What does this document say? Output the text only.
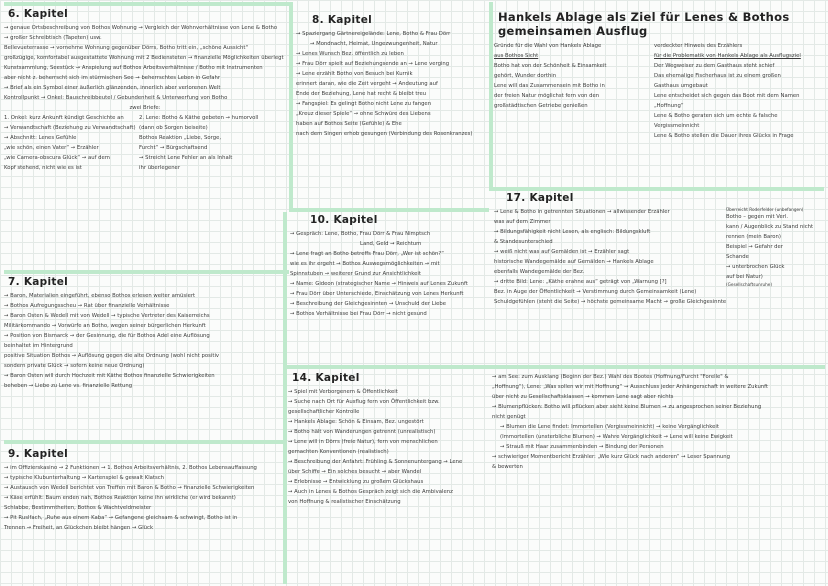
6. Kapitel
→ genaue Ortsbeschreibung von Bothos Wohnung → Vergleich der Wohnverhältnisse von Lene & Botho
→ großer Schreibtisch (Tapeten) usw.
Bellevueterrasse → vornehme Wohnung gegenüber Dörrs, Botho tritt ein, „schöne Aussicht"
großzügige, komfortabel ausgestattete Wohnung mit 2 Bediensteten → finanzielle Möglichkeiten überlegt
Kunstsammlung, Seestück → Anspielung auf Bothos Arbeitsverhältnisse / Botho mit Instrumenten
aber nicht z. beherrscht sich im stürmischen See → beherrschtes Leben in Gefahr
→ Brief als ein Symbol einer äußerlich glänzenden, innerlich aber verlorenen Welt
Kontrollpunkt → Onkel: Bauschreibbeutel / Gebundenheit & Unterwerfung von Botho
zwei Briefe:
1. Onkel: kurz Ankunft kündigt Geschichte an
→ Verwandtschaft (Beziehung zu Verwandtschaft)
→ Abschnitt: Lenes Gefühle
„wie schön, einen Vater“ → Erzähler
„wie Camera-obscura Glück“ → auf dem
Kopf stehend, nicht wie es ist
2. Lene: Botho & Käthe gebeten → humorvoll
(dann ob Sorgen beiseite)
Bothos Reaktion „Liebe, Sorge,
Furcht“ → Bürgschaftsend
→ Streicht Lene Fehler an als Inhalt
ihr überlegener
7. Kapitel
→ Baron, Materialien eingeführt, ebenso Bothos erlesen weiter amüsiert
→ Bothos Aufregungsscheu → Rat über finanzielle Verhältnisse
→ Baron Osten & Wedell mit von Wedell → typische Vertreter des Kaiserreichs
Militärkommando → Vorwürfe an Botho, wegen seiner bürgerlichen Herkunft
→ Position von Bismarck → der Gesinnung, die für Bothos Adel eine Auflösung
beinhaltet im Hintergrund
positive Situation Bothos → Auflösung gegen die alte Ordnung (wohl nicht positiv
sondern private Glück → sofern keine neue Ordnung)
→ Baron Osten will durch Hochzeit mit Käthe Bothos finanzielle Schwierigkeiten
beheben → Liebe zu Lene vs. finanzielle Rettung
9. Kapitel
→ im Offizierskasino → 2 Funktionen → 1. Bothos Arbeitsverhältnis, 2. Bothos Lebensauffassung
→ typische Klubunterhaltung → Kartenspiel & gewalt Klatsch
→ Austausch von Wedell berichtet von Treffen mit Baron & Botho → finanzielle Schwierigkeiten
→ Käse erfühlt: Baum enden nah, Bothos Reaktion keine ihn wirkliche (er wird bekannt)
Schlabbe, Bestimmtheiten, Bothos & Wachtveldmeister
→ Pit Ruslfach, „Ruhe aus einem Kaba“ → Gefangene gleichsam & schwingt, Botho ist in
Trennen → Freiheit, an Glückchen bleibt hängen → Glück
8. Kapitel
→ Spaziergang Gärtnereigelände: Lene, Botho & Frau Dörr
→ Mondnacht, Heimat, Ungezwungenheit, Natur
→ Lenes Wunsch Bez. öffentlich zu leben
→ Frau Dörr spielt auf Beziehungsende an → Lene verging
→ Lene erzählt Botho von Besuch bei Kurnik
erinnert daran, wie die Zeit vergeht → Andeutung auf
Ende der Beziehung, Lene hat recht & bleibt treu
→ Fangspiel: Es gelingt Botho nicht Lene zu fangen
„Kreuz dieser Spiele“ → ohne Schwüre des Liebens
haben auf Bothos Seite (Gefühle) & Ehe
nach dem Singen erhob gesungen (Verbindung des Rosenkranzes)
10. Kapitel
→ Gespräch: Lene, Botho, Frau Dörr & Frau Nimptsch
Land, Geld → Reichtum
→ Lene fragt an Botho betreffs Frau Dörr, „Wer ist schön?“
wie es ihr ergeht → Bothos Auswegsmöglichkeiten → mit
Spinnstuben → weiterer Grund zur Ansichtlichkeit
→ Name: Gideon (strategischer Name → Hinweis auf Lenes Zukunft
→ Frau Dörr über Unterschiede, Einschätzung von Lenes Herkunft
→ Beschreibung der Gleichgesinnten → Unschuld der Liebe
→ Bothos Verhältnisse bei Frau Dörr → nicht gesund
Hankels Ablage als Ziel für Lenes & Bothos gemeinsamen Ausflug
Gründe für die Wahl von Hankels Ablage
aus Bothos Sicht
Botho hat von der Schönheit & Einsamkeit
gehört, Wunder dorthin
Lene will das Zusammensein mit Botho in
der freien Natur möglichst fern von den
großstädtischen Getriebe genießen
verdeckter Hinweis des Erzählers
für die Problematik von Hankels Ablage als Ausflugsziel
Der Wegweiser zu dem Gasthaus steht schief
Das ehemalige Fischerhaus ist zu einem großen
Gasthaus umgebaut
Lene entscheidet sich gegen das Boot mit dem Namen
„Hoffnung“
Lene & Botho geraten sich um echte & falsche
Vergissmeinnicht
Lene & Botho stellen die Dauer ihres Glücks in Frage
17. Kapitel
→ Lene & Botho in getrennten Situationen → allwissender Erzähler
was auf dem Zimmer
→ Bildungsfähigkeit nicht Lesen, als englisch: Bildungskluft
& Standesunterschied
→ weiß nicht was auf Gemälden ist → Erzähler sagt
historische Wandegemälde auf Gemälden → Hankels Ablage
ebenfalls Wandegemälde der Bez.
→ dritte Bild: Lene: „Käthe erahne aus“ geträgt von „Warnung [?]
Überreicht Roderfelder (unbefangen)
Botho – gegen mit Verl.
kann / Augenblick zu Stand nicht
rennen (mein Baron)
Beispiel → Gefahr der
Schande
→ unterbrochen Glück
auf bei Natur)
(Gesellschaftsunruhe)
Bez. in Auge der Öffentlichkeit → Verstimmung durch Gemeinsamkeit (Lene)
Schuldgefühlen (steht die Seite) → höchste gemeinsame Macht → große Gleichgesinnte
14. Kapitel
→ Spiel mit Verborgenem & Öffentlichkeit
→ Suche nach Ort für Ausflug fern von Öffentlichkeit bzw.
gesellschaftlicher Kontrolle
→ Hankels Ablage: Schön & Einsam, Bez. ungestört
→ Botho hält von Wanderungen getrennt (unrealistisch)
→ Lene will in Dörrs (freie Natur), fern von menschlichen
gemachten Konventionen (realistisch)
→ Beschreibung der Anfahrt: Frühling & Sonnenuntergang → Lene
über Schiffe → Ein solches besucht → aber Wandel
→ Erlebnisse → Entwicklung zu großem Glückshaus
→ Auch in Lenes & Bothos Gespräch zeigt sich die Ambivalenz
von Hoffnung & realistischer Einschätzung
→ am See: zum Ausklang (Beginn der Bez.) Wahl des Bootes (Hoffnung/Furcht "Forelle" &
„Hoffnung“), Lene: „Was sollen wir mit Hoffnung“ → Ausschluss jeder Anhängerschaft in weitere Zukunft
über nicht zu Gesellschaftsklassen → kommen Lene sagt aber nichts
→ Blumenpflücken: Botho will pflücken aber sieht keine Blumen → zu angesprochen seiner Beziehung
nicht genügt
→ Blumen die Lene findet: Immortellen (Vergissmeinnicht) → keine Vergänglichkeit
(Immortellen (unsterbliche Blumen) → Wahre Vergänglichkeit → Lene will keine Ewigkeit
→ Strauß mit Haar zusammenbinden → Bindung der Personen
→ schwieriger Momentbericht Erzähler: „Wie kurz Glück nach anderen“ → Leser Spannung
& bewerten
